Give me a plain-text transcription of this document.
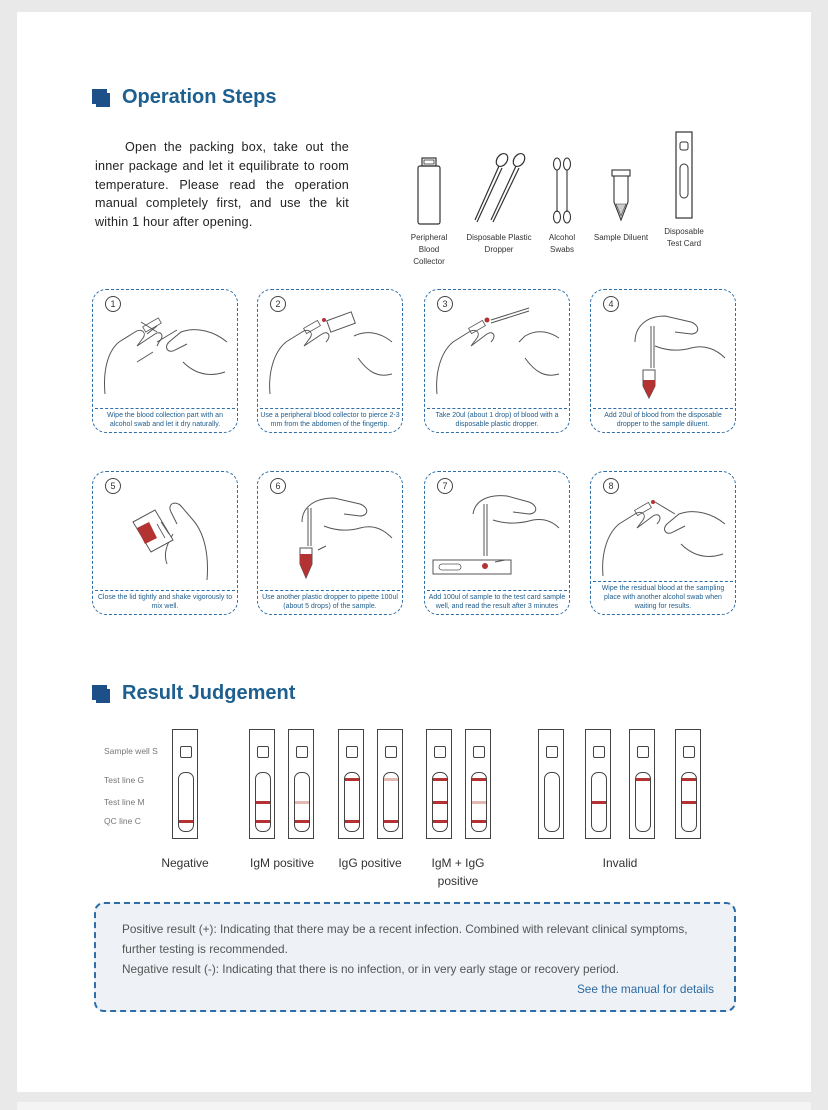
Operation Steps

Open the packing box, take out the inner package and let it equilibrate to room temperature. Please read the operation manual completely first, and use the kit within 1 hour after opening.

Peripheral Blood Collector
Disposable Plastic Dropper
Alcohol Swabs
Sample Diluent
Disposable Test Card
1
Wipe the blood collection part with an alcohol swab and let it dry naturally.
2
Use a peripheral blood collector to pierce 2-3 mm from the abdomen of the fingertip.
3
Take 20ul (about 1 drop) of blood with a disposable plastic dropper.
4
Add 20ul of blood from the disposable dropper to the sample diluent.
5
Close the lid tightly and shake vigorously to mix well.
6
Use another plastic dropper to pipette 100ul (about 5 drops) of the sample.
7
Add 100ul of sample to the test card sample well, and read the result after 3 minutes
8
Wipe the residual blood at the sampling place with another alcohol swab when waiting for results.
Result Judgement
Sample well S
Test line G
Test line M
QC line C
Negative	IgM positive	IgG positive	IgM + IgG positive
Invalid
Positive result (+): Indicating that there may be a recent infection. Combined with relevant clinical symptoms, further testing is recommended.
Negative result (-): Indicating that there is no infection, or in very early stage or recovery period.
See the manual for details
